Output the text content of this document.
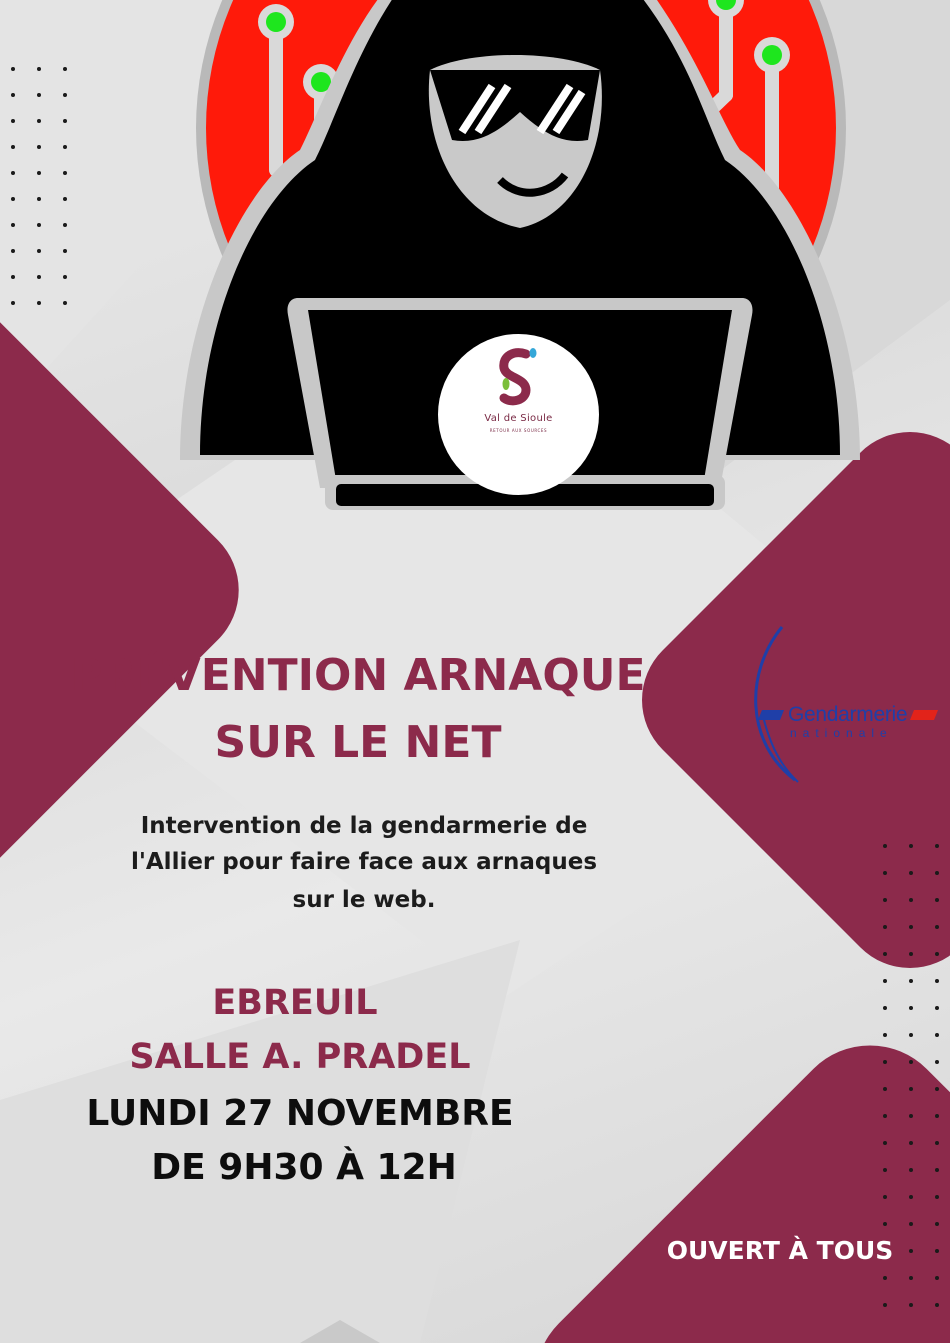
Val de Sioule
RETOUR AUX SOURCES
Gendarmerie
nationale
PRÉVENTION ARNAQUE
SUR LE NET

Intervention de la gendarmerie de

l'Allier pour faire face aux arnaques

sur le web.

EBREUIL

SALLE A. PRADEL

LUNDI 27 NOVEMBRE

DE 9H30 À 12H

OUVERT À TOUS
